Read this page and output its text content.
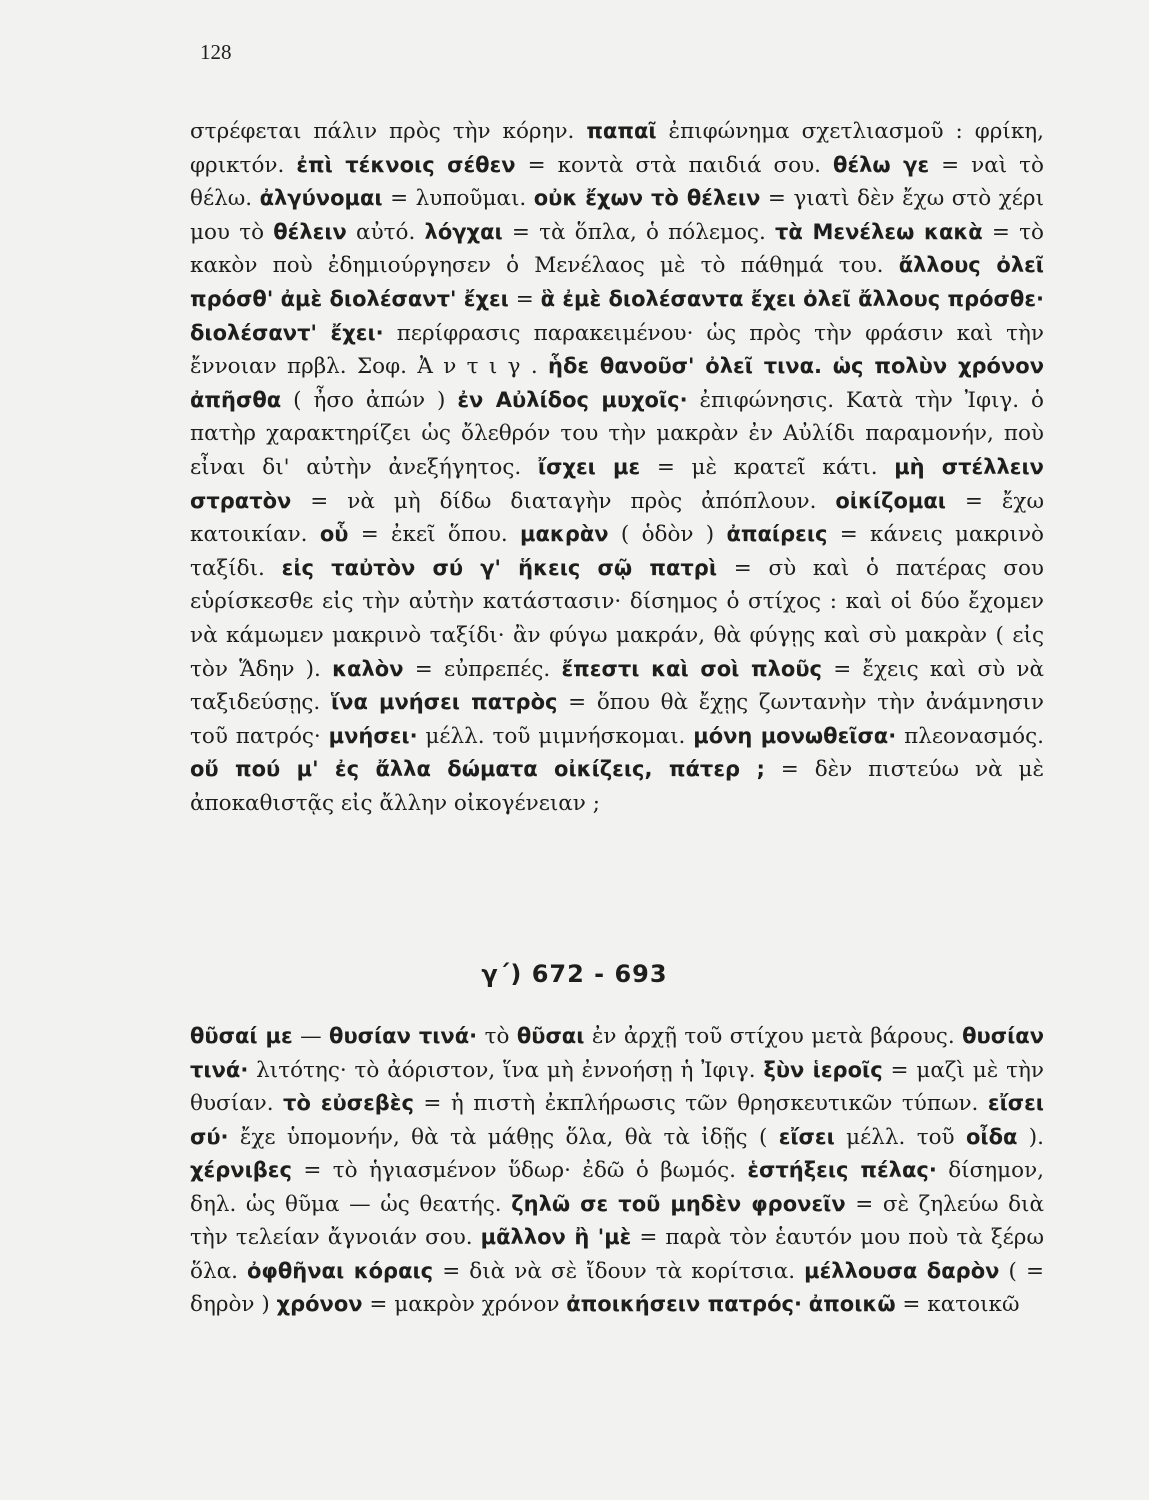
128

στρέφεται πάλιν πρὸς τὴν κόρην. παπαῖ ἐπιφώνημα σχετλιασμοῦ : φρίκη, φρικτόν. ἐπὶ τέκνοις σέθεν = κοντὰ στὰ παιδιά σου. θέλω γε = ναὶ τὸ θέλω. ἀλγύνομαι = λυποῦμαι. οὐκ ἔχων τὸ θέλειν = γιατὶ δὲν ἔχω στὸ χέρι μου τὸ θέλειν αὐτό. λόγχαι = τὰ ὅπλα, ὁ πόλεμος. τὰ Μενέλεω κακὰ = τὸ κακὸν ποὺ ἐδημιούργησεν ὁ Μενέλαος μὲ τὸ πάθημά του. ἄλλους ὀλεῖ πρόσθ' ἀμὲ διολέσαντ' ἔχει = ἃ ἐμὲ διολέσαντα ἔχει ὀλεῖ ἄλλους πρόσθε· διολέσαντ' ἔχει· περίφρασις παρακειμένου· ὡς πρὸς τὴν φράσιν καὶ τὴν ἔννοιαν πρβλ. Σοφ. Ἀ ν τ ι γ . ἧδε θανοῦσ' ὀλεῖ τινα. ὡς πολὺν χρόνον ἀπῆσθα ( ἦσο ἀπών ) ἐν Αὐλίδος μυχοῖς· ἐπιφώνησις. Κατὰ τὴν Ἰφιγ. ὁ πατὴρ χαρακτηρίζει ὡς ὄλεθρόν του τὴν μακρὰν ἐν Αὐλίδι παραμονήν, ποὺ εἶναι δι' αὐτὴν ἀνεξήγητος. ἴσχει με = μὲ κρατεῖ κάτι. μὴ στέλλειν στρατὸν = νὰ μὴ δίδω διαταγὴν πρὸς ἀπόπλουν. οἰκίζομαι = ἔχω κατοικίαν. οὗ = ἐκεῖ ὅπου. μακρὰν ( ὁδὸν ) ἀπαίρεις = κάνεις μακρινὸ ταξίδι. εἰς ταὐτὸν σύ γ' ἥκεις σῷ πατρὶ = σὺ καὶ ὁ πατέρας σου εὑρίσκεσθε εἰς τὴν αὐτὴν κατάστασιν· δίσημος ὁ στίχος : καὶ οἱ δύο ἔχομεν νὰ κάμωμεν μακρινὸ ταξίδι· ἂν φύγω μακράν, θὰ φύγῃς καὶ σὺ μακρὰν ( εἰς τὸν Ἅδην ). καλὸν = εὐπρεπές. ἔπεστι καὶ σοὶ πλοῦς = ἔχεις καὶ σὺ νὰ ταξιδεύσῃς. ἵνα μνήσει πατρὸς = ὅπου θὰ ἔχῃς ζωντανὴν τὴν ἀνάμνησιν τοῦ πατρός· μνήσει· μέλλ. τοῦ μιμνήσκομαι. μόνη μονωθεῖσα· πλεονασμός. οὔ πού μ' ἐς ἄλλα δώματα οἰκίζεις, πάτερ ; = δὲν πιστεύω νὰ μὲ ἀποκαθιστᾷς εἰς ἄλλην οἰκογένειαν ;

γ΄) 672 - 693

θῦσαί με — θυσίαν τινά· τὸ θῦσαι ἐν ἀρχῇ τοῦ στίχου μετὰ βάρους. θυσίαν τινά· λιτότης· τὸ ἀόριστον, ἵνα μὴ ἐννοήσῃ ἡ Ἰφιγ. ξὺν ἱεροῖς = μαζὶ μὲ τὴν θυσίαν. τὸ εὐσεβὲς = ἡ πιστὴ ἐκπλήρωσις τῶν θρησκευτικῶν τύπων. εἴσει σύ· ἔχε ὑπομονήν, θὰ τὰ μάθῃς ὅλα, θὰ τὰ ἰδῇς ( εἴσει μέλλ. τοῦ οἶδα ). χέρνιβες = τὸ ἡγιασμένον ὕδωρ· ἐδῶ ὁ βωμός. ἑστήξεις πέλας· δίσημον, δηλ. ὡς θῦμα — ὡς θεατής. ζηλῶ σε τοῦ μηδὲν φρονεῖν = σὲ ζηλεύω διὰ τὴν τελείαν ἄγνοιάν σου. μᾶλλον ἢ 'μὲ = παρὰ τὸν ἑαυτόν μου ποὺ τὰ ξέρω ὅλα. ὀφθῆναι κόραις = διὰ νὰ σὲ ἴδουν τὰ κορίτσια. μέλλουσα δαρὸν ( = δηρὸν ) χρόνον = μακρὸν χρόνον ἀποικήσειν πατρός· ἀποικῶ = κατοικῶ
